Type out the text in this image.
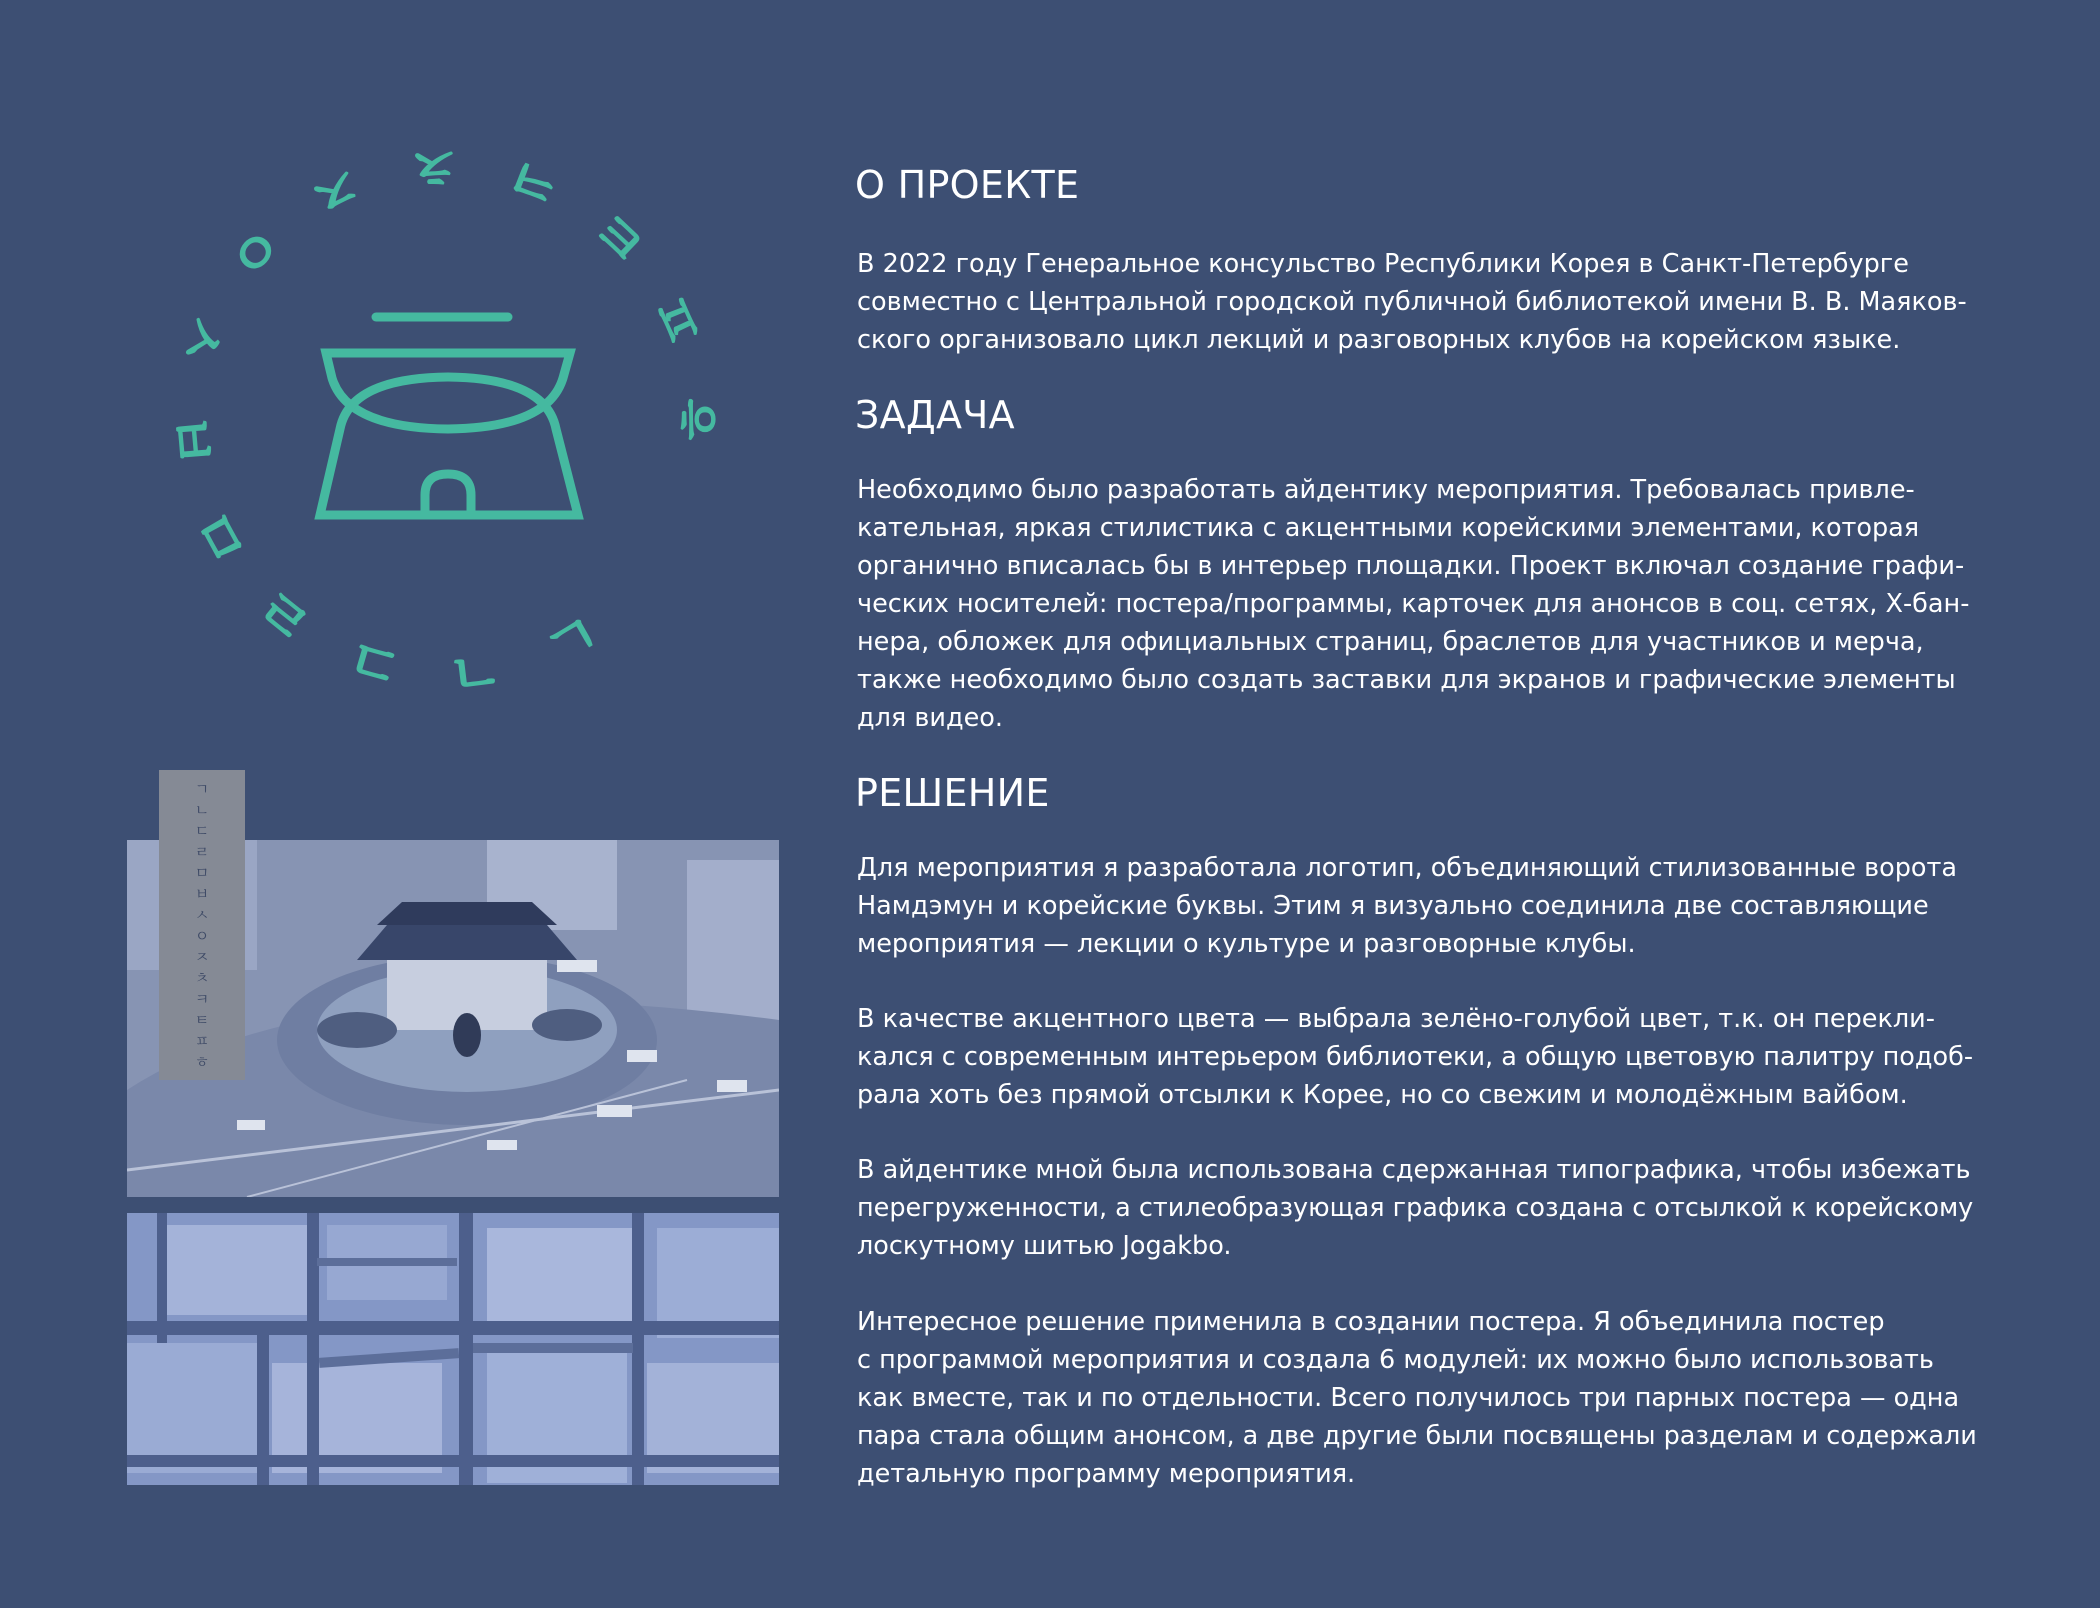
ㄱ
ㄴ
ㄷ
ㄹ
ㅁ
ㅂ
ㅅ
ㅇ
ㅈ ㅊ ㅋ
ㅌ
ㅍ
ㅎ
ㄱ
ㄴ
ㄷ
ㄹ
ㅁ
ㅂ
ㅅ
ㅇ
ㅈ
ㅊ
ㅋ
ㅌ
ㅍ
ㅎ
О ПРОЕКТЕ

В 2022 году Генеральное консульство Республики Корея в Санкт-Петербурге
совместно с Центральной городской публичной библиотекой имени В. В. Маяков-
ского организовало цикл лекций и разговорных клубов на корейском языке.

ЗАДАЧА

Необходимо было разработать айдентику мероприятия. Требовалась привле-
кательная, яркая стилистика с акцентными корейскими элементами, которая
органично вписалась бы в интерьер площадки. Проект включал создание графи-
ческих носителей: постера/программы, карточек для анонсов в соц. сетях, Х-бан-
нера, обложек для официальных страниц, браслетов для участников и мерча,
также необходимо было создать заставки для экранов и графические элементы
для видео.

РЕШЕНИЕ

Для мероприятия я разработала логотип, объединяющий стилизованные ворота
Намдэмун и корейские буквы. Этим я визуально соединила две составляющие
мероприятия — лекции о культуре и разговорные клубы.

В качестве акцентного цвета — выбрала зелёно-голубой цвет, т.к. он перекли-
кался с современным интерьером библиотеки, а общую цветовую палитру подоб-
рала хоть без прямой отсылки к Корее, но со свежим и молодёжным вайбом.

В айдентике мной была использована сдержанная типографика, чтобы избежать
перегруженности, а стилеобразующая графика создана с отсылкой к корейскому
лоскутному шитью Jogakbo.

Интересное решение применила в создании постера. Я объединила постер
с программой мероприятия и создала 6 модулей: их можно было использовать
как вместе, так и по отдельности. Всего получилось три парных постера — одна
пара стала общим анонсом, а две другие были посвящены разделам и содержали
детальную программу мероприятия.
